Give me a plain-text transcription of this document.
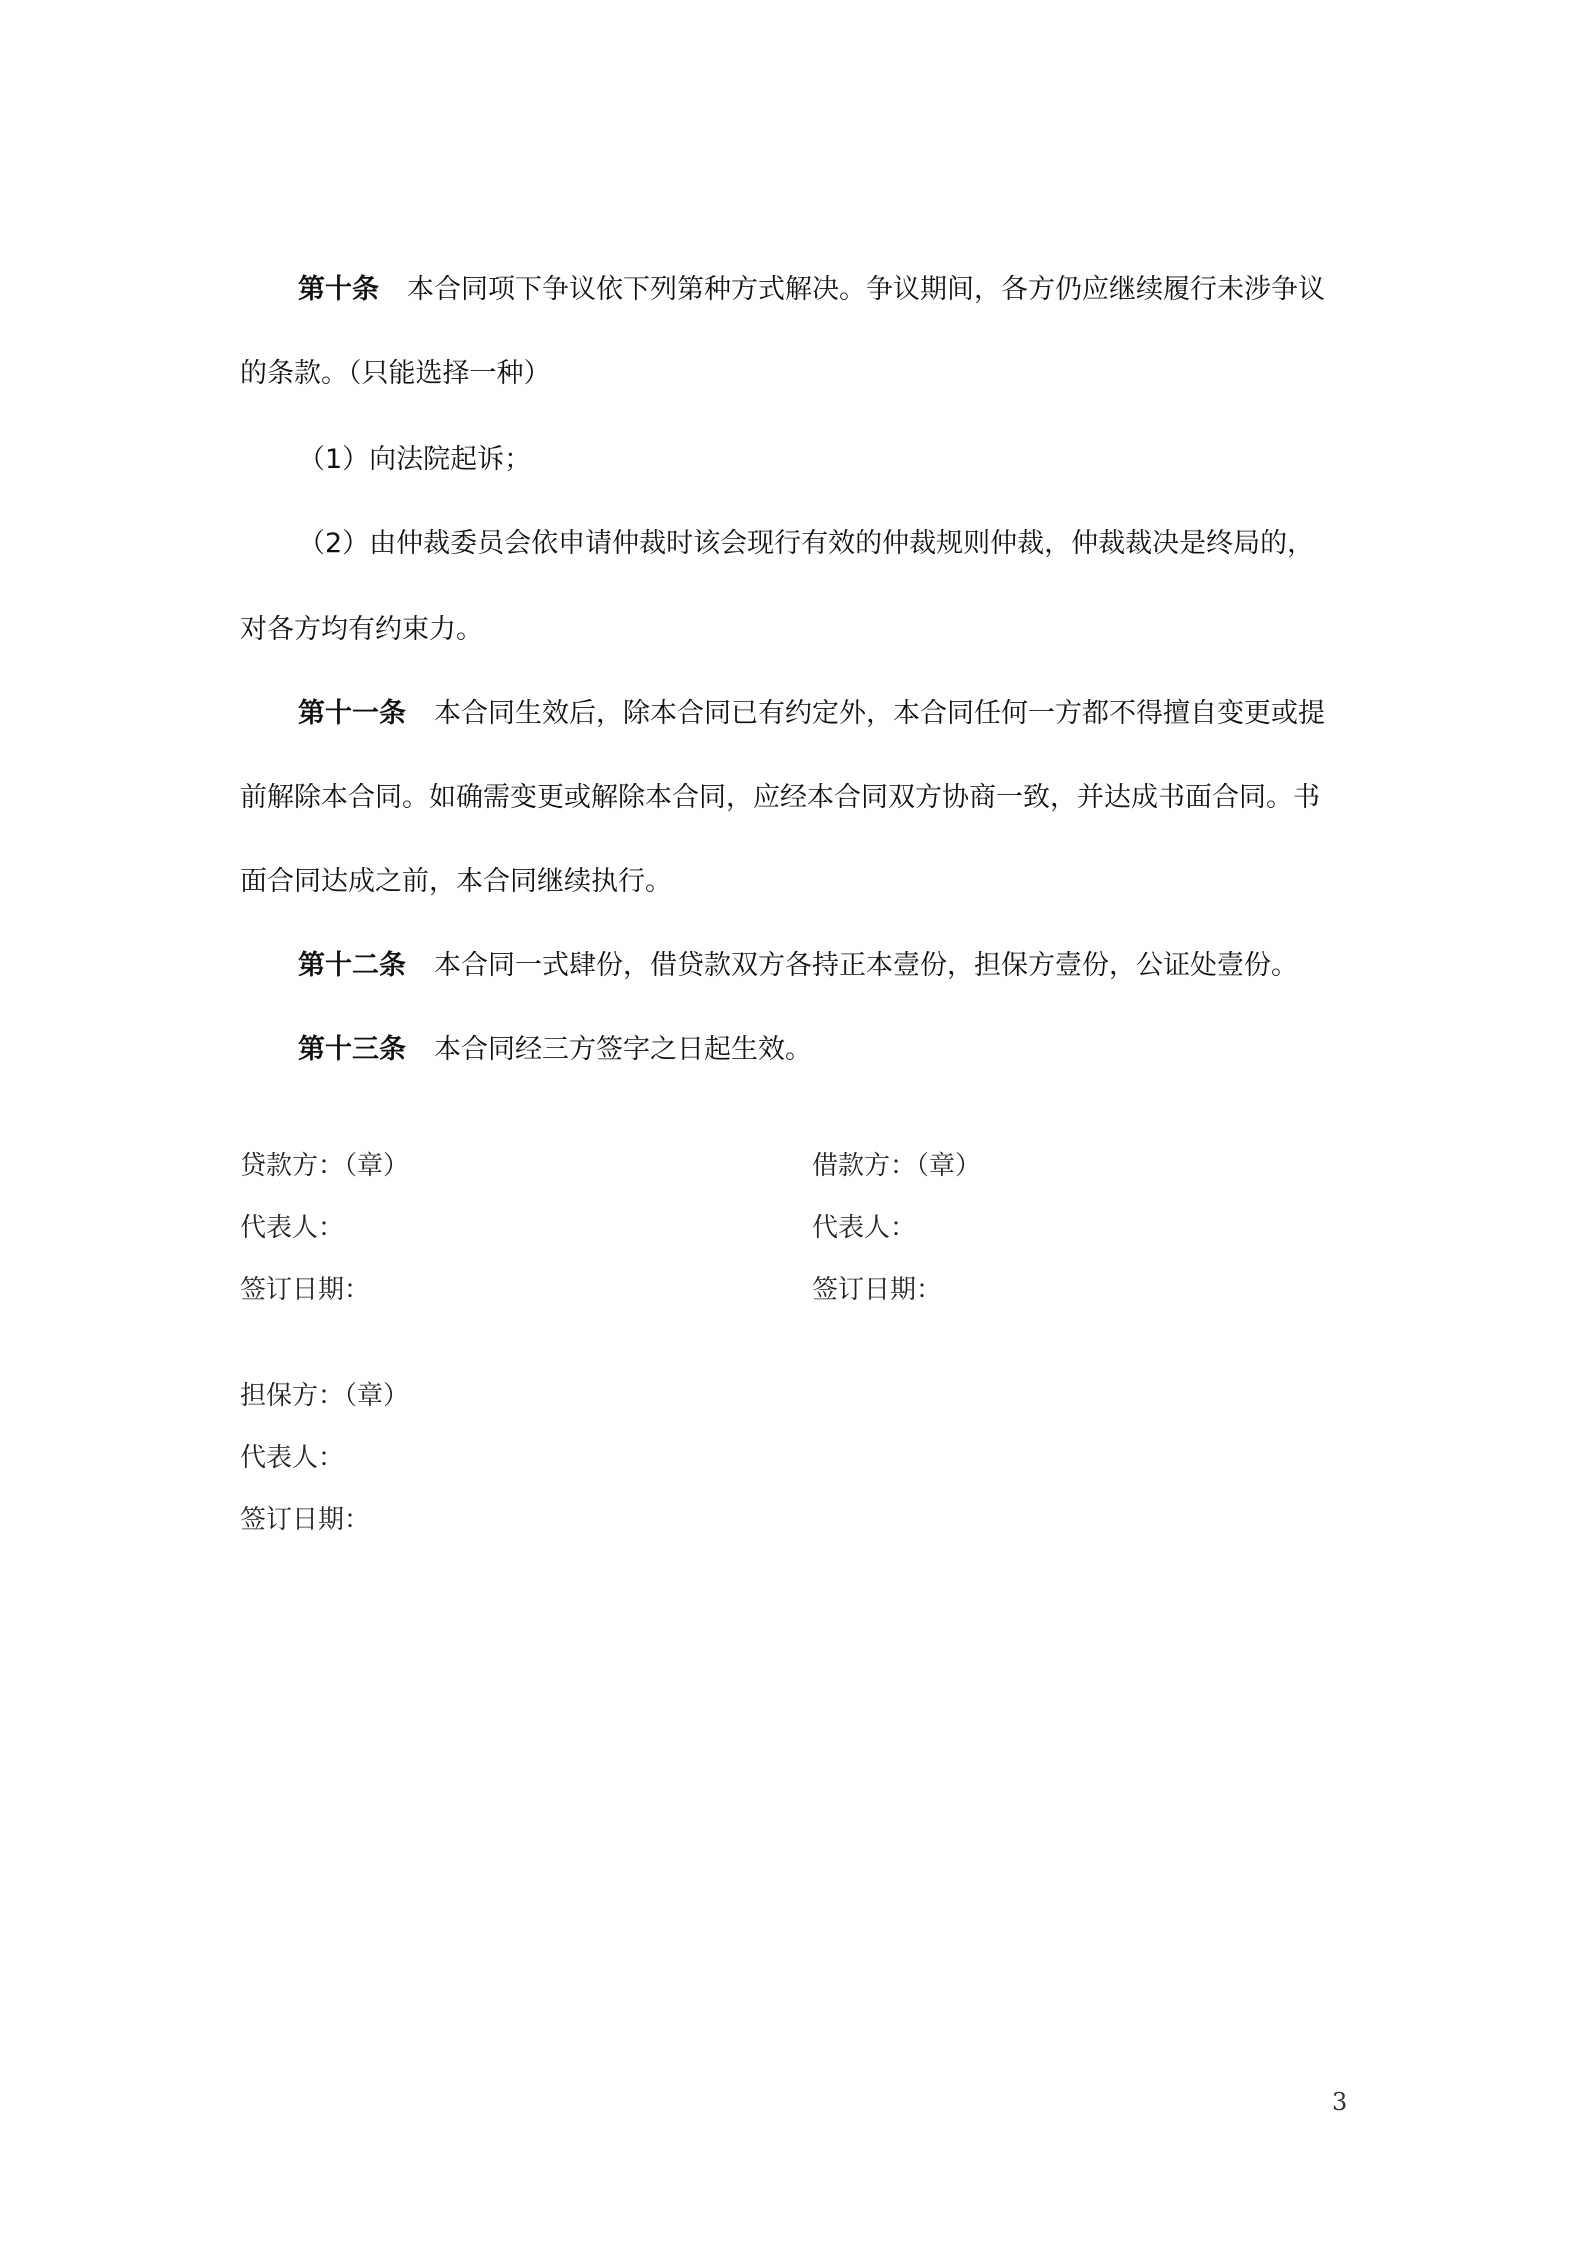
第十条 本合同项下争议依下列第种方式解决。争议期间，各方仍应继续履行未涉争议
的条款。（只能选择一种）
（1）向法院起诉；
（2）由仲裁委员会依申请仲裁时该会现行有效的仲裁规则仲裁，仲裁裁决是终局的，
对各方均有约束力。
第十一条 本合同生效后，除本合同已有约定外，本合同任何一方都不得擅自变更或提
前解除本合同。如确需变更或解除本合同，应经本合同双方协商一致，并达成书面合同。书
面合同达成之前，本合同继续执行。
第十二条 本合同一式肆份，借贷款双方各持正本壹份，担保方壹份，公证处壹份。
第十三条 本合同经三方签字之日起生效。
贷款方：（章）
代表人：
签订日期：
借款方：（章）
代表人：
签订日期：
担保方：（章）
代表人：
签订日期：
3
